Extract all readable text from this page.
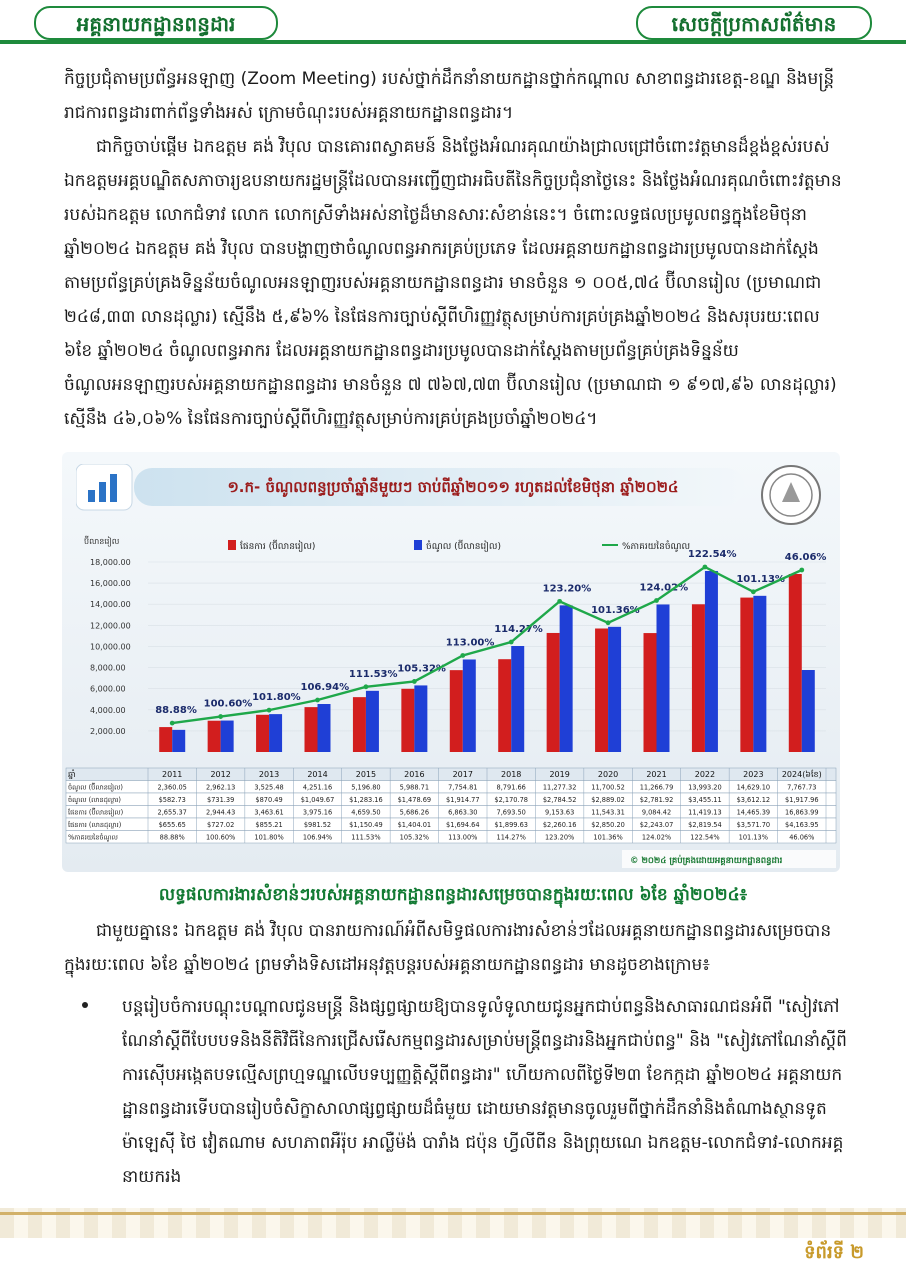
អគ្គនាយកដ្ឋានពន្ធដារ	សេចក្តីប្រកាសព័ត៌មាន
កិច្ចប្រជុំតាមប្រព័ន្ធអនឡាញ (Zoom Meeting) របស់ថ្នាក់ដឹកនាំនាយកដ្ឋានថ្នាក់កណ្តាល សាខាពន្ធដារខេត្ត-ខណ្ឌ និងមន្ត្រីរាជការពន្ធដារពាក់ព័ន្ធទាំងអស់ ក្រោមចំណុះរបស់អគ្គនាយកដ្ឋានពន្ធដារ។
ជាកិច្ចចាប់ផ្តើម ឯកឧត្តម គង់ វិបុល បានគោរពស្វាគមន៍ និងថ្លែងអំណរគុណយ៉ាងជ្រាលជ្រៅចំពោះវត្តមានដ៏ខ្ពង់ខ្ពស់របស់ឯកឧត្តមអគ្គបណ្ឌិតសភាចារ្យឧបនាយករដ្ឋមន្ត្រីដែលបានអញ្ជើញជាអធិបតីនៃកិច្ចប្រជុំនាថ្ងៃនេះ និងថ្លែងអំណរគុណចំពោះវត្តមានរបស់ឯកឧត្តម លោកជំទាវ លោក លោកស្រីទាំងអស់នាថ្ងៃដ៏មានសារៈសំខាន់នេះ។ ចំពោះលទ្ធផលប្រមូលពន្ធក្នុងខែមិថុនា ឆ្នាំ២០២៤ ឯកឧត្តម គង់ វិបុល បានបង្ហាញថាចំណូលពន្ធអាករគ្រប់ប្រភេទ ដែលអគ្គនាយកដ្ឋានពន្ធដារប្រមូលបានដាក់ស្តែង តាមប្រព័ន្ធគ្រប់គ្រងទិន្នន័យចំណូលអនឡាញរបស់អគ្គនាយកដ្ឋានពន្ធដារ មានចំនួន ១ ០០៥,៧៤ ប៊ីលានរៀល (ប្រមាណជា ២៤៨,៣៣ លានដុល្លារ) ស្មើនឹង ៥,៩៦% នៃផែនការច្បាប់ស្តីពីហិរញ្ញវត្ថុសម្រាប់ការគ្រប់គ្រងឆ្នាំ២០២៤ និងសរុបរយៈពេល ៦ខែ ឆ្នាំ២០២៤ ចំណូលពន្ធអាករ ដែលអគ្គនាយកដ្ឋានពន្ធដារប្រមូលបានដាក់ស្តែងតាមប្រព័ន្ធគ្រប់គ្រងទិន្នន័យចំណូលអនឡាញរបស់អគ្គនាយកដ្ឋានពន្ធដារ មានចំនួន ៧ ៧៦៧,៧៣ ប៊ីលានរៀល (ប្រមាណជា ១ ៩១៧,៩៦ លានដុល្លារ) ស្មើនឹង ៤៦,០៦% នៃផែនការច្បាប់ស្តីពីហិរញ្ញវត្ថុសម្រាប់ការគ្រប់គ្រងប្រចាំឆ្នាំ២០២៤។
១.ក- ចំណូលពន្ធប្រចាំឆ្នាំនីមួយៗ ចាប់ពីឆ្នាំ២០១១ រហូតដល់ខែមិថុនា ឆ្នាំ២០២៤
ប៊ីលានរៀល
18,000.00
16,000.00
14,000.00
12,000.00
10,000.00
8,000.00
6,000.00
4,000.00
2,000.00
ផែនការ (ប៊ីលានរៀល)	ចំណូល (ប៊ីលានរៀល)	%ភាគរយនៃចំណូល
88.88%
100.60%
101.80%
106.94%
111.53% 105.32%
113.00%
114.27%
123.20%
101.36%
124.02%
122.54%
101.13%
46.06%
ឆ្នាំ	2011	2012	2013	2014	2015	2016	2017	2018	2019	2020	2021	2022	2023 2024(៦ខែ)
ចំណូល (ប៊ីលានរៀល)	2,360.05	2,962.13	3,525.48	4,251.16	5,196.80	5,988.71	7,754.81	8,791.66	11,277.32 11,700.52 11,266.79 13,993.20 14,629.10	7,767.73
ចំណូល (លានដុល្លារ)	$582.73	$731.39	$870.49	$1,049.67 $1,283.16 $1,478.69 $1,914.77 $2,170.78 $2,784.52 $2,889.02 $2,781.92 $3,455.11 $3,612.12 $1,917.96
ផែនការ (ប៊ីលានរៀល)	2,655.37	2,944.43	3,463.61	3,975.16	4,659.50	5,686.26	6,863.30	7,693.50	9,153.63	11,543.31	9,084.42	11,419.13 14,465.39 16,863.99
ផែនការ (លានដុល្លារ)	$655.65	$727.02	$855.21	$981.52	$1,150.49 $1,404.01 $1,694.64 $1,899.63 $2,260.16 $2,850.20 $2,243.07 $2,819.54 $3,571.70 $4,163.95
%ភាគរយនៃចំណូល	88.88%	100.60%	101.80%	106.94%	111.53%	105.32%	113.00%	114.27%	123.20%	101.36%	124.02%	122.54%	101.13%	46.06%
© ២០២៤ គ្រប់គ្រងដោយអគ្គនាយកដ្ឋានពន្ធដារ
លទ្ធផលការងារសំខាន់ៗរបស់អគ្គនាយកដ្ឋានពន្ធដារសម្រេចបានក្នុងរយៈពេល ៦ខែ ឆ្នាំ២០២៤៖
ជាមួយគ្នានេះ ឯកឧត្តម គង់ វិបុល បានរាយការណ៍អំពីសមិទ្ធផលការងារសំខាន់ៗដែលអគ្គនាយកដ្ឋានពន្ធដារសម្រេចបានក្នុងរយៈពេល ៦ខែ ឆ្នាំ២០២៤ ព្រមទាំងទិសដៅអនុវត្តបន្តរបស់អគ្គនាយកដ្ឋានពន្ធដារ មានដូចខាងក្រោម៖
បន្តរៀបចំការបណ្តុះបណ្តាលជូនមន្ត្រី និងផ្សព្វផ្សាយឱ្យបានទូលំទូលាយជូនអ្នកជាប់ពន្ធនិងសាធារណជនអំពី "សៀវភៅណែនាំស្តីពីបែបបទនិងនីតិវិធីនៃការជ្រើសរើសកម្មពន្ធដារសម្រាប់មន្ត្រីពន្ធដារនិងអ្នកជាប់ពន្ធ" និង "សៀវភៅណែនាំស្តីពីការស៊ើបអង្កេតបទល្មើសព្រហ្មទណ្ឌលើបទប្បញ្ញត្តិស្តីពីពន្ធដារ" ហើយកាលពីថ្ងៃទី២៣ ខែកក្កដា ឆ្នាំ២០២៤ អគ្គនាយកដ្ឋានពន្ធដារទើបបានរៀបចំសិក្ខាសាលាផ្សព្វផ្សាយដ៏ធំមួយ ដោយមានវត្តមានចូលរួមពីថ្នាក់ដឹកនាំនិងតំណាងស្ថានទូតម៉ាឡេស៊ី ថៃ វៀតណាម សហភាពអឺរ៉ុប អាល្លឺម៉ង់ បារាំង ជប៉ុន ហ្វីលីពីន និងព្រុយណេ ឯកឧត្តម-លោកជំទាវ-លោកអគ្គនាយករង
ទំព័រទី ២
